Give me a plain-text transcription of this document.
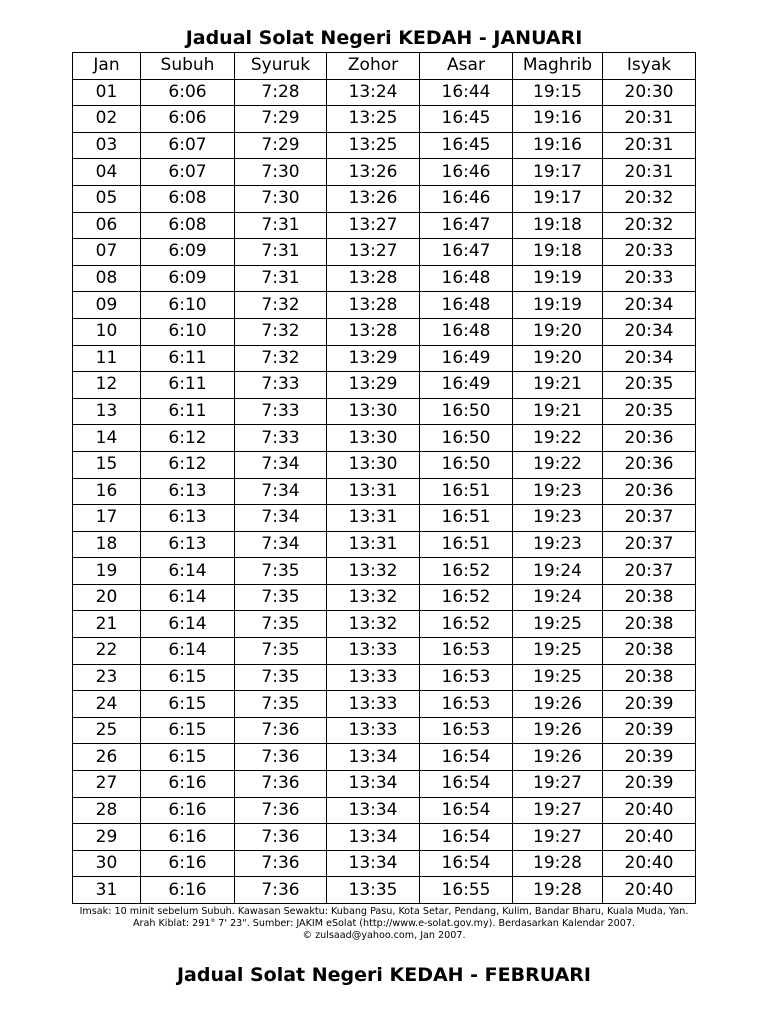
Jadual Solat Negeri KEDAH - JANUARI
Jan	Subuh	Syuruk	Zohor	Asar	Maghrib	Isyak
01	6:06	7:28	13:24	16:44	19:15	20:30
02	6:06	7:29	13:25	16:45	19:16	20:31
03	6:07	7:29	13:25	16:45	19:16	20:31
04	6:07	7:30	13:26	16:46	19:17	20:31
05	6:08	7:30	13:26	16:46	19:17	20:32
06	6:08	7:31	13:27	16:47	19:18	20:32
07	6:09	7:31	13:27	16:47	19:18	20:33
08	6:09	7:31	13:28	16:48	19:19	20:33
09	6:10	7:32	13:28	16:48	19:19	20:34
10	6:10	7:32	13:28	16:48	19:20	20:34
11	6:11	7:32	13:29	16:49	19:20	20:34
12	6:11	7:33	13:29	16:49	19:21	20:35
13	6:11	7:33	13:30	16:50	19:21	20:35
14	6:12	7:33	13:30	16:50	19:22	20:36
15	6:12	7:34	13:30	16:50	19:22	20:36
16	6:13	7:34	13:31	16:51	19:23	20:36
17	6:13	7:34	13:31	16:51	19:23	20:37
18	6:13	7:34	13:31	16:51	19:23	20:37
19	6:14	7:35	13:32	16:52	19:24	20:37
20	6:14	7:35	13:32	16:52	19:24	20:38
21	6:14	7:35	13:32	16:52	19:25	20:38
22	6:14	7:35	13:33	16:53	19:25	20:38
23	6:15	7:35	13:33	16:53	19:25	20:38
24	6:15	7:35	13:33	16:53	19:26	20:39
25	6:15	7:36	13:33	16:53	19:26	20:39
26	6:15	7:36	13:34	16:54	19:26	20:39
27	6:16	7:36	13:34	16:54	19:27	20:39
28	6:16	7:36	13:34	16:54	19:27	20:40
29	6:16	7:36	13:34	16:54	19:27	20:40
30	6:16	7:36	13:34	16:54	19:28	20:40
31	6:16	7:36	13:35	16:55	19:28	20:40
Imsak: 10 minit sebelum Subuh. Kawasan Sewaktu: Kubang Pasu, Kota Setar, Pendang, Kulim, Bandar Bharu, Kuala Muda, Yan.
Arah Kiblat: 291° 7' 23". Sumber: JAKIM eSolat (http://www.e-solat.gov.my). Berdasarkan Kalendar 2007.
© zulsaad@yahoo.com, Jan 2007.
Jadual Solat Negeri KEDAH - FEBRUARI
